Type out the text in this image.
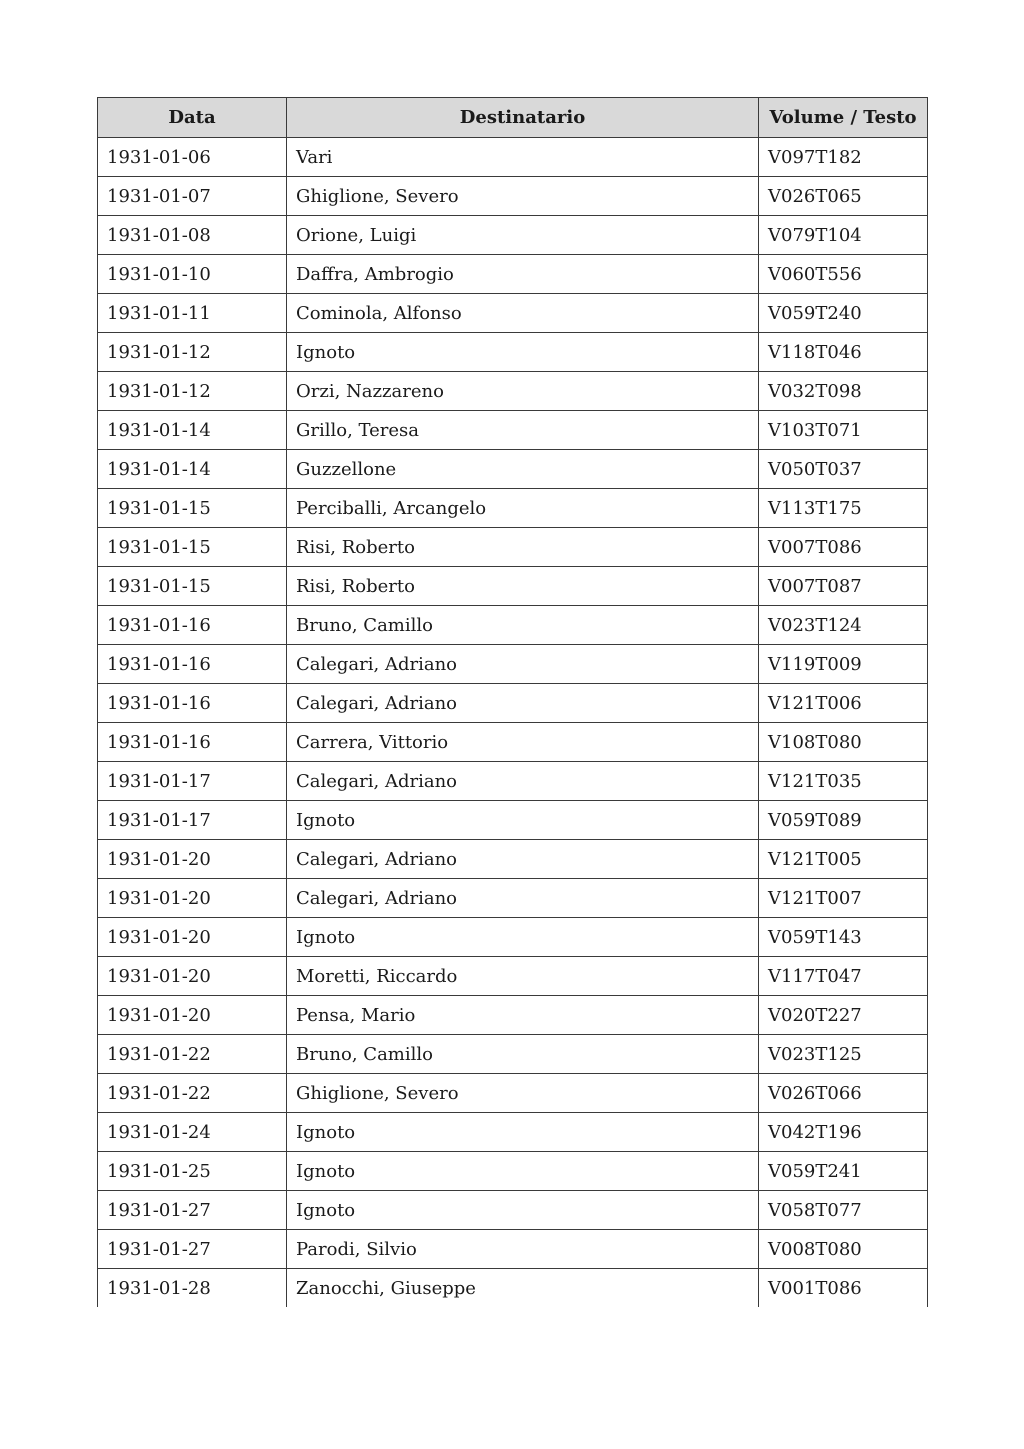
Data	Destinatario	Volume / Testo
1931-01-06	Vari	V097T182
1931-01-07	Ghiglione, Severo	V026T065
1931-01-08	Orione, Luigi	V079T104
1931-01-10	Daffra, Ambrogio	V060T556
1931-01-11	Cominola, Alfonso	V059T240
1931-01-12	Ignoto	V118T046
1931-01-12	Orzi, Nazzareno	V032T098
1931-01-14	Grillo, Teresa	V103T071
1931-01-14	Guzzellone	V050T037
1931-01-15	Perciballi, Arcangelo	V113T175
1931-01-15	Risi, Roberto	V007T086
1931-01-15	Risi, Roberto	V007T087
1931-01-16	Bruno, Camillo	V023T124
1931-01-16	Calegari, Adriano	V119T009
1931-01-16	Calegari, Adriano	V121T006
1931-01-16	Carrera, Vittorio	V108T080
1931-01-17	Calegari, Adriano	V121T035
1931-01-17	Ignoto	V059T089
1931-01-20	Calegari, Adriano	V121T005
1931-01-20	Calegari, Adriano	V121T007
1931-01-20	Ignoto	V059T143
1931-01-20	Moretti, Riccardo	V117T047
1931-01-20	Pensa, Mario	V020T227
1931-01-22	Bruno, Camillo	V023T125
1931-01-22	Ghiglione, Severo	V026T066
1931-01-24	Ignoto	V042T196
1931-01-25	Ignoto	V059T241
1931-01-27	Ignoto	V058T077
1931-01-27	Parodi, Silvio	V008T080
1931-01-28	Zanocchi, Giuseppe	V001T086
